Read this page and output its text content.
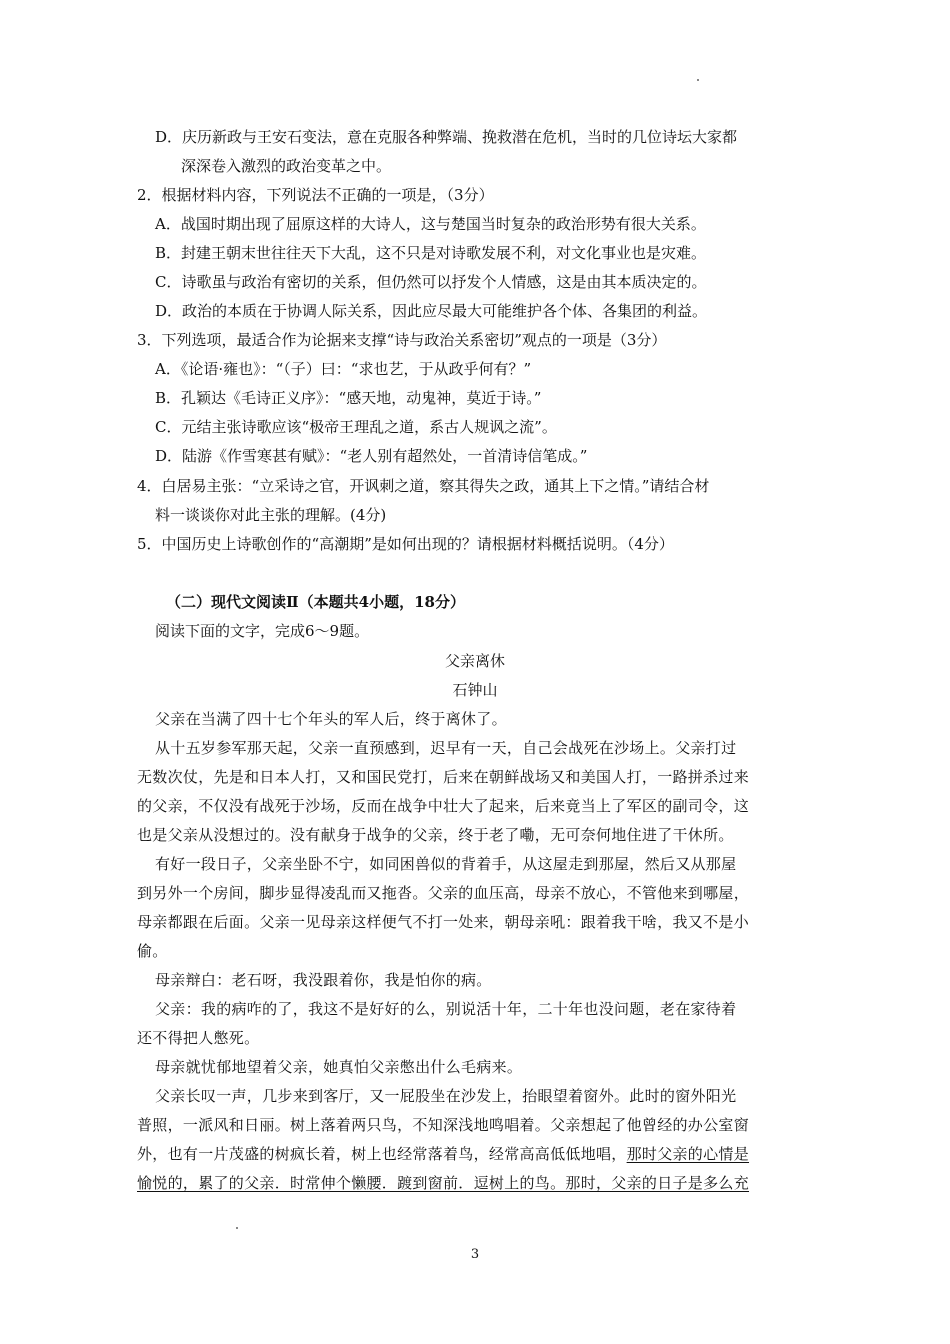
D．庆历新政与王安石变法，意在克服各种弊端、挽救潜在危机，当时的几位诗坛大家都
深深卷入激烈的政治变革之中。
2．根据材料内容，下列说法不正确的一项是，（3分）
A．战国时期出现了屈原这样的大诗人，这与楚国当时复杂的政治形势有很大关系。
B．封建王朝末世往往天下大乱，这不只是对诗歌发展不利，对文化事业也是灾难。
C．诗歌虽与政治有密切的关系，但仍然可以抒发个人情感，这是由其本质决定的。
D．政治的本质在于协调人际关系，因此应尽最大可能维护各个体、各集团的利益。
3．下列选项，最适合作为论据来支撑“诗与政治关系密切”观点的一项是（3分）
A．《论语·雍也》：“（子）曰：“求也艺，于从政乎何有？”
B．孔颖达《毛诗正义序》：“感天地，动鬼神，莫近于诗。”
C．元结主张诗歌应该“极帝王理乱之道，系古人规讽之流”。
D．陆游《作雪寒甚有赋》：“老人别有超然处，一首清诗信笔成。”
4．白居易主张：“立采诗之官，开讽刺之道，察其得失之政，通其上下之情。”请结合材
料一谈谈你对此主张的理解。(4分)
5．中国历史上诗歌创作的“高潮期”是如何出现的？请根据材料概括说明。（4分）
（二）现代文阅读Ⅱ（本题共4小题，18分）
阅读下面的文字，完成6～9题。
父亲离休
石钟山
父亲在当满了四十七个年头的军人后，终于离休了。
从十五岁参军那天起，父亲一直预感到，迟早有一天，自己会战死在沙场上。父亲打过
无数次仗，先是和日本人打，又和国民党打，后来在朝鲜战场又和美国人打，一路拼杀过来
的父亲，不仅没有战死于沙场，反而在战争中壮大了起来，后来竟当上了军区的副司令，这
也是父亲从没想过的。没有献身于战争的父亲，终于老了嘞，无可奈何地住进了干休所。
有好一段日子，父亲坐卧不宁，如同困兽似的背着手，从这屋走到那屋，然后又从那屋
到另外一个房间，脚步显得凌乱而又拖沓。父亲的血压高，母亲不放心，不管他来到哪屋，
母亲都跟在后面。父亲一见母亲这样便气不打一处来，朝母亲吼：跟着我干啥，我又不是小
偷。
母亲辩白：老石呀，我没跟着你，我是怕你的病。
父亲：我的病咋的了，我这不是好好的么，别说活十年，二十年也没问题，老在家待着
还不得把人憋死。
母亲就忧郁地望着父亲，她真怕父亲憋出什么毛病来。
父亲长叹一声，几步来到客厅，又一屁股坐在沙发上，抬眼望着窗外。此时的窗外阳光
普照，一派风和日丽。树上落着两只鸟，不知深浅地鸣唱着。父亲想起了他曾经的办公室窗
外，也有一片茂盛的树疯长着，树上也经常落着鸟，经常高高低低地唱，那时父亲的心情是
愉悦的，累了的父亲．时常伸个懒腰．踱到窗前．逗树上的鸟。那时，父亲的日子是多么充
3
